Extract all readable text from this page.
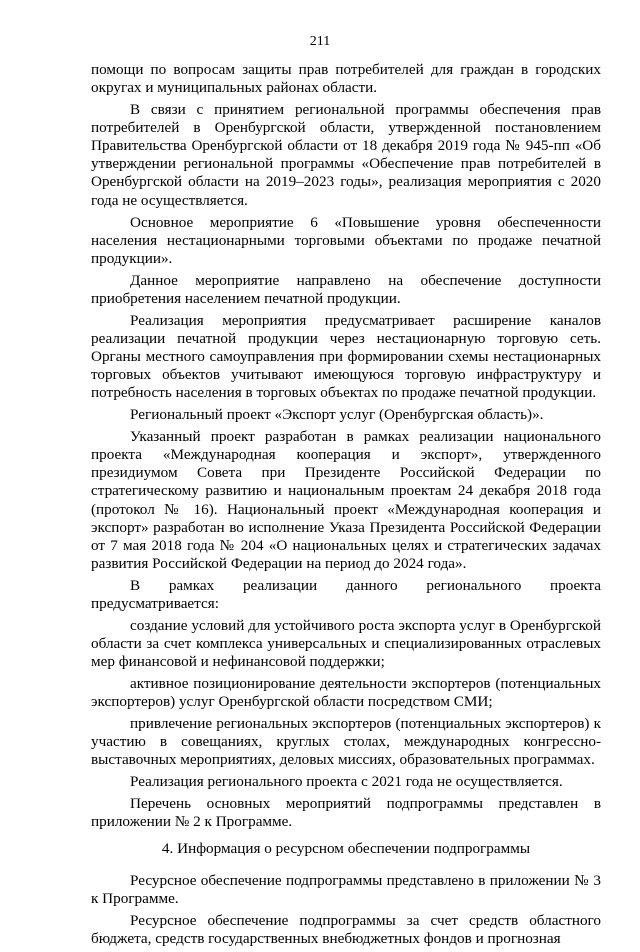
211

помощи по вопросам защиты прав потребителей для граждан в городских округах и муниципальных районах области.

В связи с принятием региональной программы обеспечения прав потребителей в Оренбургской области, утвержденной постановлением Правительства Оренбургской области от 18 декабря 2019 года № 945-пп «Об утверждении региональной программы «Обеспечение прав потребителей в Оренбургской области на 2019–2023 годы», реализация мероприятия с 2020 года не осуществляется.

Основное мероприятие 6 «Повышение уровня обеспеченности населения нестационарными торговыми объектами по продаже печатной продукции».

Данное мероприятие направлено на обеспечение доступности приобретения населением печатной продукции.

Реализация мероприятия предусматривает расширение каналов реализации печатной продукции через нестационарную торговую сеть. Органы местного самоуправления при формировании схемы нестационарных торговых объектов учитывают имеющуюся торговую инфраструктуру и потребность населения в торговых объектах по продаже печатной продукции.

Региональный проект «Экспорт услуг (Оренбургская область)».

Указанный проект разработан в рамках реализации национального проекта «Международная кооперация и экспорт», утвержденного президиумом Совета при Президенте Российской Федерации по стратегическому развитию и национальным проектам 24 декабря 2018 года (протокол № 16). Национальный проект «Международная кооперация и экспорт» разработан во исполнение Указа Президента Российской Федерации от 7 мая 2018 года № 204 «О национальных целях и стратегических задачах развития Российской Федерации на период до 2024 года».

В рамках реализации данного регионального проекта предусматривается:

создание условий для устойчивого роста экспорта услуг в Оренбургской области за счет комплекса универсальных и специализированных отраслевых мер финансовой и нефинансовой поддержки;

активное позиционирование деятельности экспортеров (потенциальных экспортеров) услуг Оренбургской области посредством СМИ;

привлечение региональных экспортеров (потенциальных экспортеров) к участию в совещаниях, круглых столах, международных конгрессно-выставочных мероприятиях, деловых миссиях, образовательных программах.

Реализация регионального проекта с 2021 года не осуществляется.

Перечень основных мероприятий подпрограммы представлен в приложении № 2 к Программе.

4. Информация о ресурсном обеспечении подпрограммы

Ресурсное обеспечение подпрограммы представлено в приложении № 3 к Программе.

Ресурсное обеспечение подпрограммы за счет средств областного бюджета, средств государственных внебюджетных фондов и прогнозная
